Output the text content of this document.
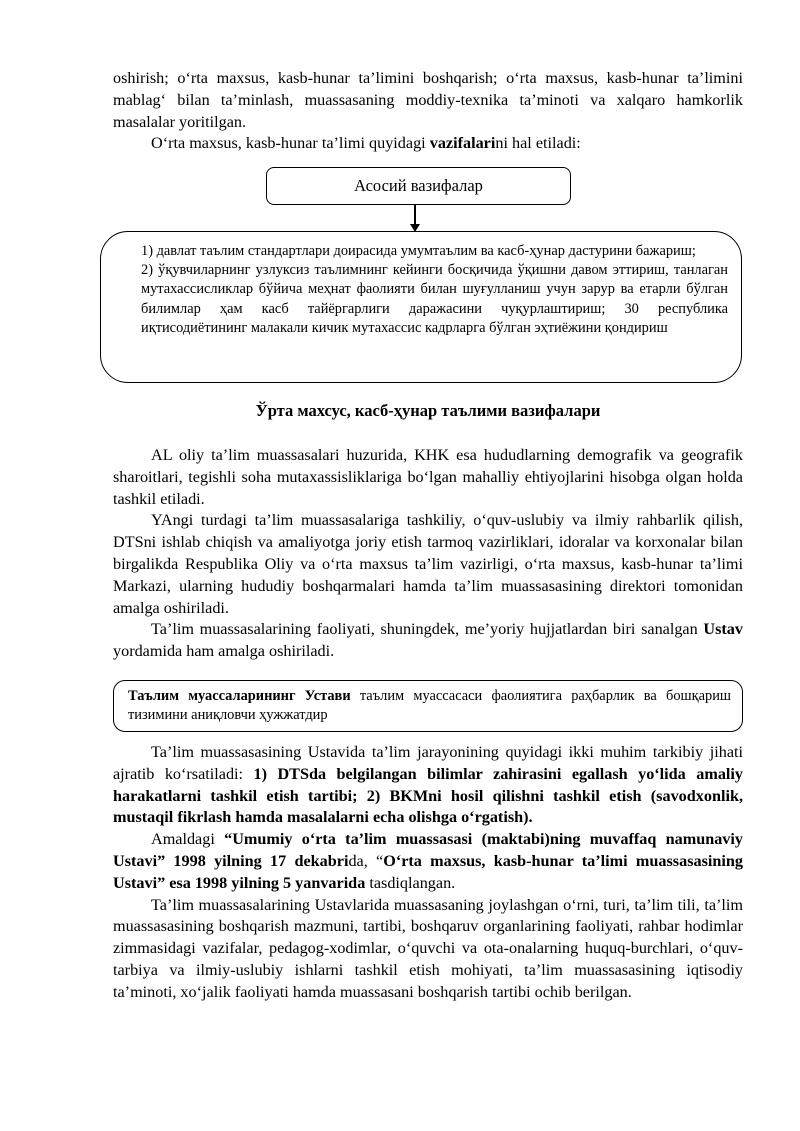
oshirish; o‘rta maxsus, kasb-hunar ta’limini boshqarish; o‘rta maxsus, kasb-hunar ta’limini mablag‘ bilan ta’minlash, muassasaning moddiy-texnika ta’minoti va xalqaro hamkorlik masalalar yoritilgan.

O‘rta maxsus, kasb-hunar ta’limi quyidagi vazifalarini hal etiladi:

Асосий вазифалар
1) давлат таълим стандартлари доирасида умумтаълим ва касб-ҳунар дастурини бажариш;
2) ўқувчиларнинг узлуксиз таълимнинг кейинги босқичида ўқишни давом эттириш, танлаган мутахассисликлар бўйича меҳнат фаолияти билан шуғулланиш учун зарур ва етарли бўлган билимлар ҳам касб тайёргарлиги даражасини чуқурлаштириш; 30 республика иқтисодиётининг малакали кичик мутахассис кадрларга бўлган эҳтиёжини қондириш
Ўрта махсус, касб-ҳунар таълими вазифалари

AL oliy ta’lim muassasalari huzurida, KHK esa hududlarning demografik va geografik sharoitlari, tegishli soha mutaxassisliklariga bo‘lgan mahalliy ehtiyojlarini hisobga olgan holda tashkil etiladi.

YAngi turdagi ta’lim muassasalariga tashkiliy, o‘quv-uslubiy va ilmiy rahbarlik qilish, DTSni ishlab chiqish va amaliyotga joriy etish tarmoq vazirliklari, idoralar va korxonalar bilan birgalikda Respublika Oliy va o‘rta maxsus ta’lim vazirligi, o‘rta maxsus, kasb-hunar ta’limi Markazi, ularning hududiy boshqarmalari hamda ta’lim muassasasining direktori tomonidan amalga oshiriladi.

Ta’lim muassasalarining faoliyati, shuningdek, me’yoriy hujjatlardan biri sanalgan Ustav yordamida ham amalga oshiriladi.

Таълим муассаларининг Устави таълим муассасаси фаолиятига раҳбарлик ва бошқариш тизимини аниқловчи ҳужжатдир

Ta’lim muassasasining Ustavida ta’lim jarayonining quyidagi ikki muhim tarkibiy jihati ajratib ko‘rsatiladi: 1) DTSda belgilangan bilimlar zahirasini egallash yo‘lida amaliy harakatlarni tashkil etish tartibi; 2) BKMni hosil qilishni tashkil etish (savodxonlik, mustaqil fikrlash hamda masalalarni echa olishga o‘rgatish).

Amaldagi “Umumiy o‘rta ta’lim muassasasi (maktabi)ning muvaffaq namunaviy Ustavi” 1998 yilning 17 dekabrida, “O‘rta maxsus, kasb-hunar ta’limi muassasasining Ustavi” esa 1998 yilning 5 yanvarida tasdiqlangan.

Ta’lim muassasalarining Ustavlarida muassasaning joylashgan o‘rni, turi, ta’lim tili, ta’lim muassasasining boshqarish mazmuni, tartibi, boshqaruv organlarining faoliyati, rahbar hodimlar zimmasidagi vazifalar, pedagog-xodimlar, o‘quvchi va ota-onalarning huquq-burchlari, o‘quv-tarbiya va ilmiy-uslubiy ishlarni tashkil etish mohiyati, ta’lim muassasasining iqtisodiy ta’minoti, xo‘jalik faoliyati hamda muassasani boshqarish tartibi ochib berilgan.
